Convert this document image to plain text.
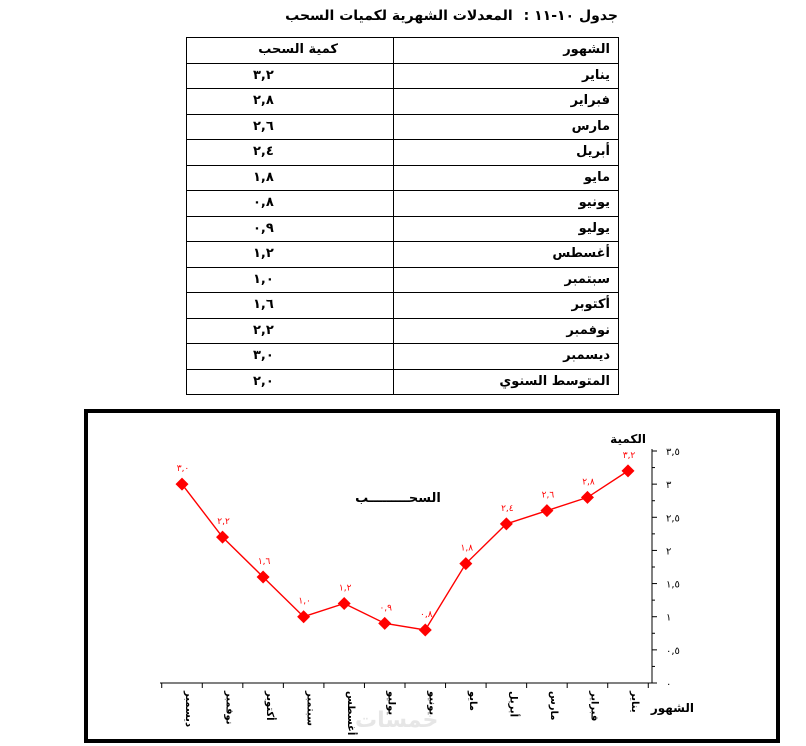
جدول ١٠-١١ : المعدلات الشهرية لكميات السحب
الشهور	كمية السحب
يناير	٣,٢
فبراير	٢,٨
مارس	٢,٦
أبريل	٢,٤
مايو	١,٨
يونيو	٠,٨
يوليو	٠,٩
أغسطس	١,٢
سبتمبر	١,٠
أكتوبر	١,٦
نوفمبر	٢,٢
ديسمبر	٣,٠
المتوسط السنوي	٢,٠
٠
٠,٥
١
١,٥
٢
٢,٥
٣
٣,٥
يناير
فبراير
مارس
أبريل
مايو
يونيو
يوليو
أغسطس
سبتمبر
أكتوبر
نوفمبر
ديسمبر
الكمية
الشهور
السحـــــــــب
٣,٢
٢,٨
٢,٦
٢,٤
١,٨
٠,٨
٠,٩
١,٢
١,٠
١,٦
٢,٢
٣,٠
خمسات
